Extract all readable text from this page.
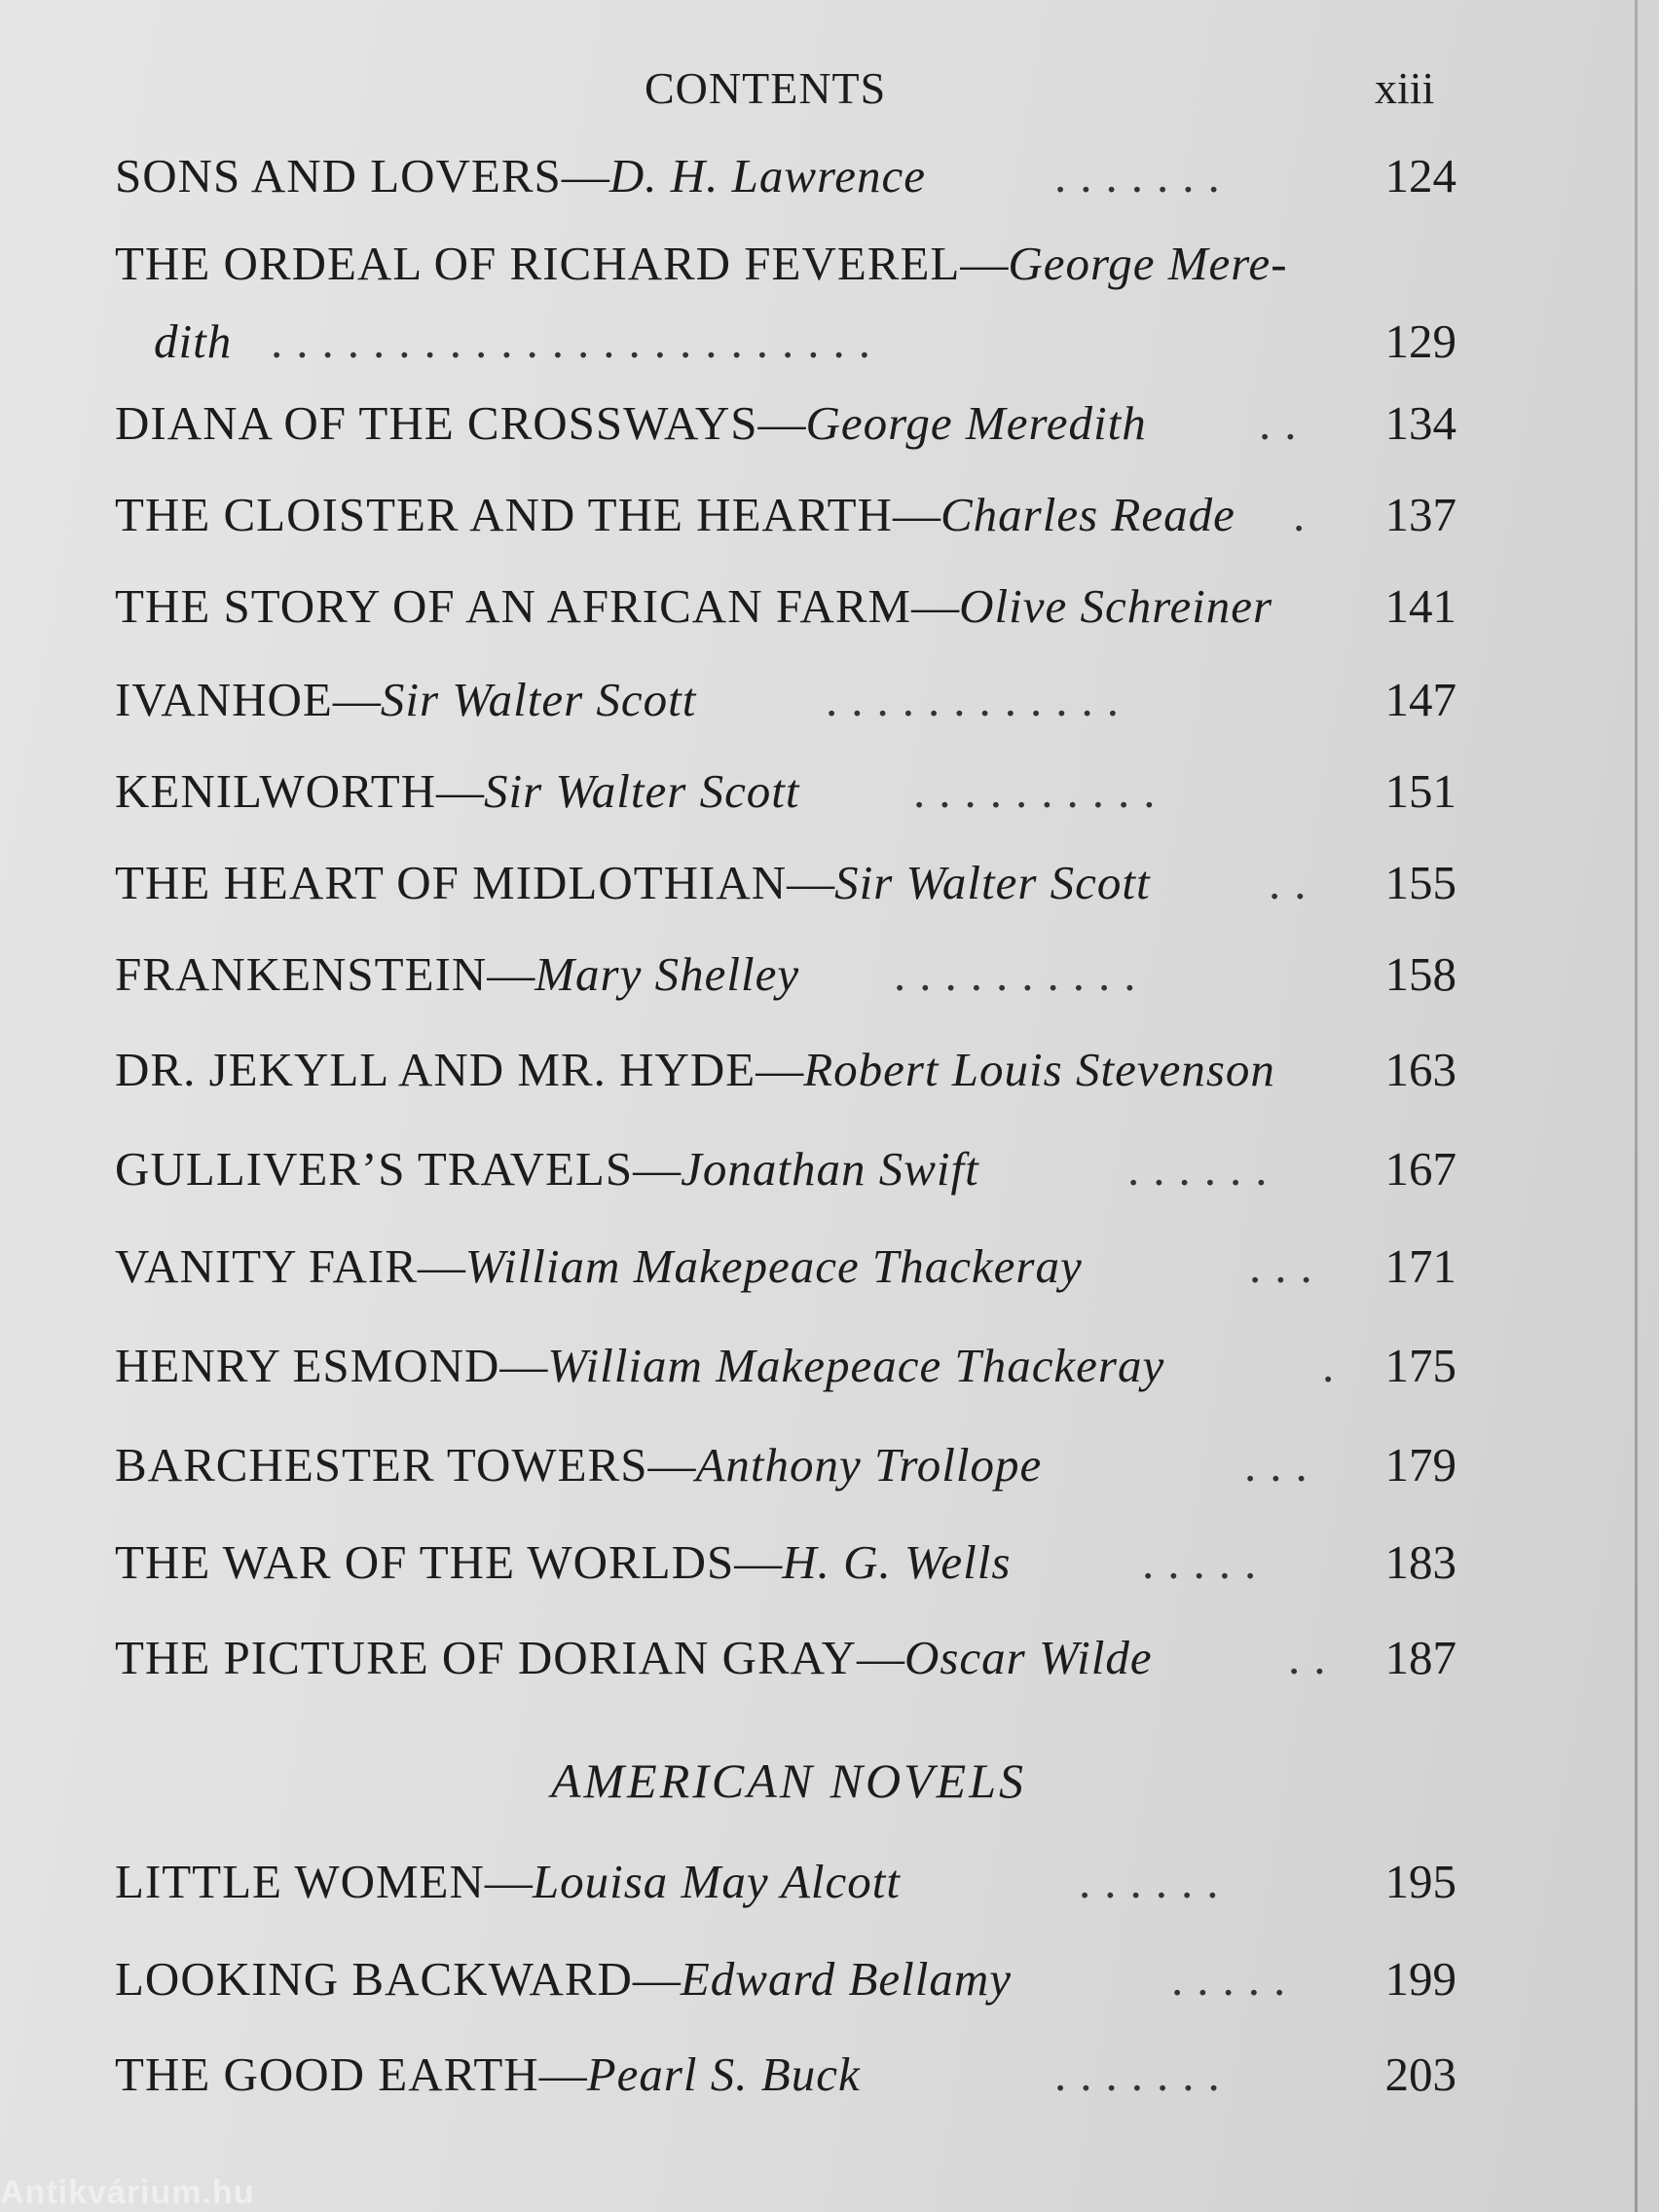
CONTENTS	xiii
SONS AND LOVERS—D. H. Lawrence	.......	124
THE ORDEAL OF RICHARD FEVEREL—George Mere-
dith ........................	129
DIANA OF THE CROSSWAYS—George Meredith ..	134
THE CLOISTER AND THE HEARTH—Charles Reade .	137
THE STORY OF AN AFRICAN FARM—Olive Schreiner 141
IVANHOE—Sir Walter Scott	............	147
KENILWORTH—Sir Walter Scott ..........	151
THE HEART OF MIDLOTHIAN—Sir Walter Scott ..	155
FRANKENSTEIN—Mary Shelley ..........	158
DR. JEKYLL AND MR. HYDE—Robert Louis Stevenson 163
GULLIVER’S TRAVELS—Jonathan Swift	......	167
VANITY FAIR—William Makepeace Thackeray	...	171
HENRY ESMOND—William Makepeace Thackeray	. 175
BARCHESTER TOWERS—Anthony Trollope	...	179
THE WAR OF THE WORLDS—H. G. Wells	.....	183
THE PICTURE OF DORIAN GRAY—Oscar Wilde	.. 187
AMERICAN NOVELS
LITTLE WOMEN—Louisa May Alcott	......	195
LOOKING BACKWARD—Edward Bellamy	.....	199
THE GOOD EARTH—Pearl S. Buck	.......	203
Antikvárium.hu
